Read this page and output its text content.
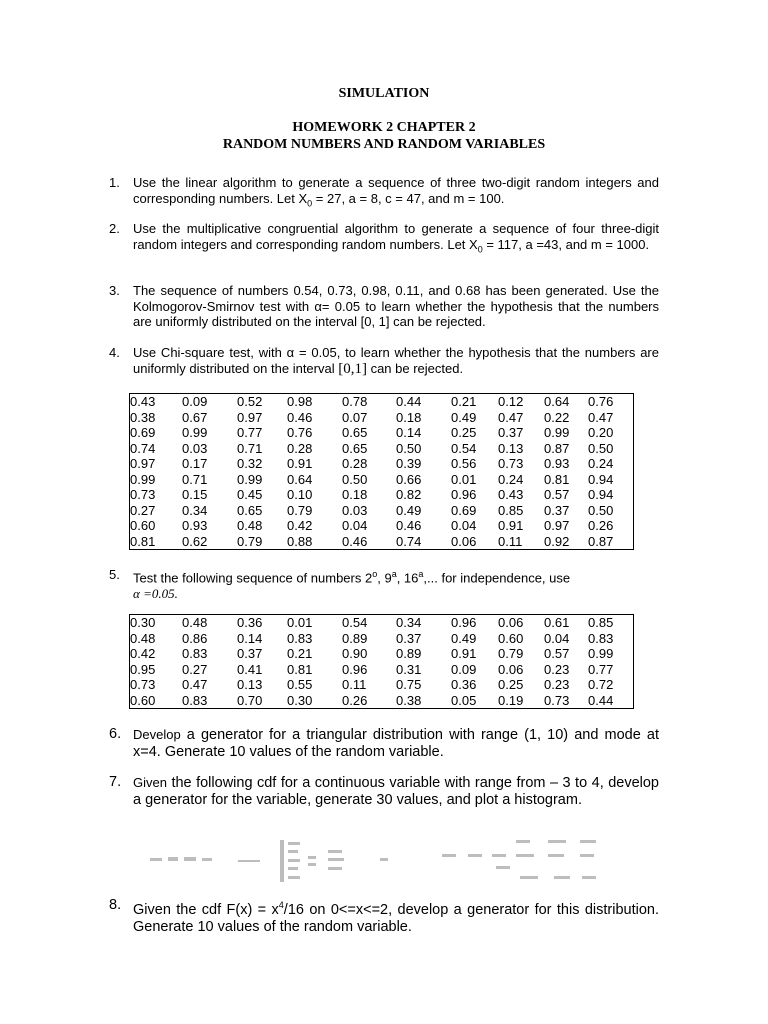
SIMULATION
HOMEWORK 2 CHAPTER 2
RANDOM NUMBERS AND RANDOM VARIABLES
1. Use the linear algorithm to generate a sequence of three two-digit random integers and corresponding numbers. Let $X_0 = 27$, a = 8, c = 47, and m = 100.
2. Use the multiplicative congruential algorithm to generate a sequence of four three-digit random integers and corresponding random numbers. Let $X_0 = 117$, a =43, and m = 1000.
3. The sequence of numbers 0.54, 0.73, 0.98, 0.11, and 0.68 has been generated. Use the Kolmogorov-Smirnov test with α= 0.05 to learn whether the hypothesis that the numbers are uniformly distributed on the interval [0, 1] can be rejected.
4. Use Chi-square test, with α = 0.05, to learn whether the hypothesis that the numbers are uniformly distributed on the interval [0,1] can be rejected.
0.43	0.09	0.52	0.98	0.78	0.44	0.21	0.12	0.64	0.76
0.38	0.67	0.97	0.46	0.07	0.18	0.49	0.47	0.22	0.47
0.69	0.99	0.77	0.76	0.65	0.14	0.25	0.37	0.99	0.20
0.74	0.03	0.71	0.28	0.65	0.50	0.54	0.13	0.87	0.50
0.97	0.17	0.32	0.91	0.28	0.39	0.56	0.73	0.93	0.24
0.99	0.71	0.99	0.64	0.50	0.66	0.01	0.24	0.81	0.94
0.73	0.15	0.45	0.10	0.18	0.82	0.96	0.43	0.57	0.94
0.27	0.34	0.65	0.79	0.03	0.49	0.69	0.85	0.37	0.50
0.60	0.93	0.48	0.42	0.04	0.46	0.04	0.91	0.97	0.26
0.81	0.62	0.79	0.88	0.46	0.74	0.06	0.11	0.92	0.87
5. Test the following sequence of numbers 2$^o$, 9$^a$, 16$^a$,... for independence, use
α =0.05.
0.30	0.48	0.36	0.01	0.54	0.34	0.96	0.06	0.61	0.85
0.48	0.86	0.14	0.83	0.89	0.37	0.49	0.60	0.04	0.83
0.42	0.83	0.37	0.21	0.90	0.89	0.91	0.79	0.57	0.99
0.95	0.27	0.41	0.81	0.96	0.31	0.09	0.06	0.23	0.77
0.73	0.47	0.13	0.55	0.11	0.75	0.36	0.25	0.23	0.72
0.60	0.83	0.70	0.30	0.26	0.38	0.05	0.19	0.73	0.44
6. Develop a generator for a triangular distribution with range (1, 10) and mode at x=4. Generate 10 values of the random variable.
7. Given the following cdf for a continuous variable with range from – 3 to 4, develop a generator for the variable, generate 30 values, and plot a histogram.
8. Given the cdf $F(x) = x^4/16$ on 0<=x<=2, develop a generator for this distribution. Generate 10 values of the random variable.
